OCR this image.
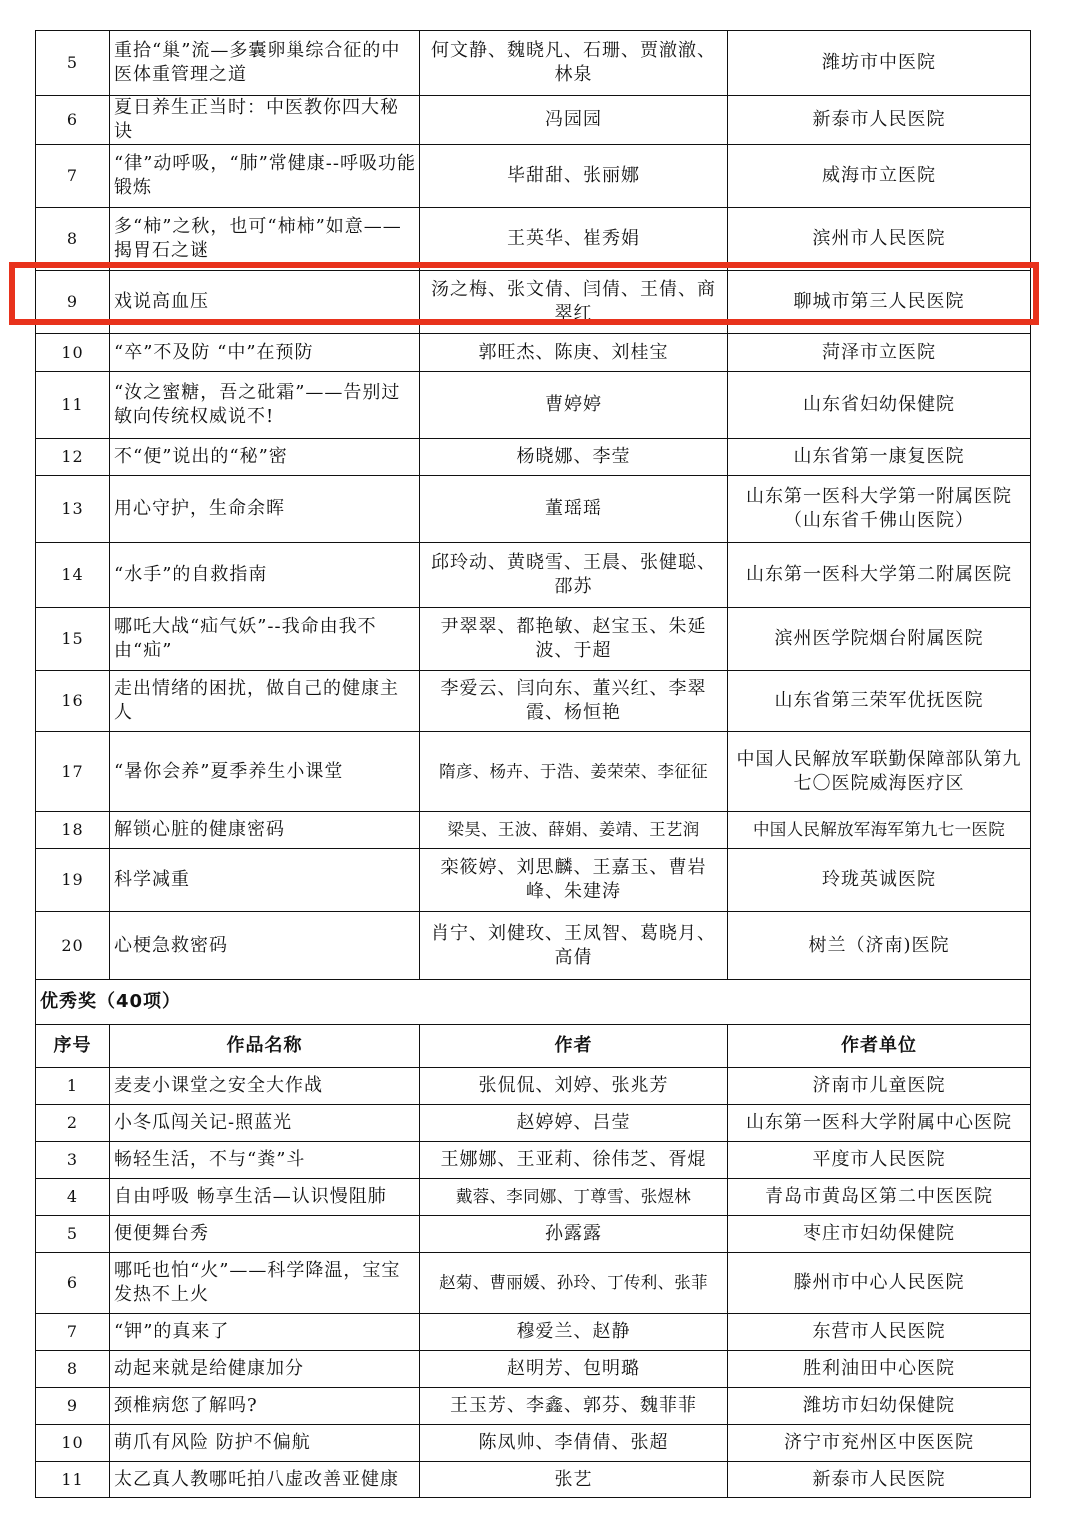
5	重拾“巢”流—多囊卵巢综合征的中医体重管理之道	何文静、魏晓凡、石珊、贾澈澈、林泉	潍坊市中医院
6	夏日养生正当时：中医教你四大秘诀	冯园园	新泰市人民医院
7	“律”动呼吸，“肺”常健康--呼吸功能锻炼	毕甜甜、张丽娜	威海市立医院
8	多“柿”之秋，也可“柿柿”如意——揭胃石之谜	王英华、崔秀娟	滨州市人民医院
9	戏说高血压	汤之梅、张文倩、闫倩、王倩、商翠红	聊城市第三人民医院
10	“卒”不及防 “中”在预防	郭旺杰、陈庚、刘桂宝	菏泽市立医院
11	“汝之蜜糖，吾之砒霜”——告别过敏向传统权威说不!	曹婷婷	山东省妇幼保健院
12	不“便”说出的“秘”密	杨晓娜、李莹	山东省第一康复医院
13	用心守护，生命余晖	董瑶瑶	山东第一医科大学第一附属医院（山东省千佛山医院）
14	“水手”的自救指南	邱玲动、黄晓雪、王晨、张健聪、邵苏	山东第一医科大学第二附属医院
15	哪吒大战“疝气妖”--我命由我不由“疝”	尹翠翠、都艳敏、赵宝玉、朱延波、于超	滨州医学院烟台附属医院
16	走出情绪的困扰，做自己的健康主人	李爱云、闫向东、董兴红、李翠霞、杨恒艳	山东省第三荣军优抚医院
17	“暑你会养”夏季养生小课堂	隋彦、杨卉、于浩、姜荣荣、李征征	中国人民解放军联勤保障部队第九七〇医院威海医疗区
18	解锁心脏的健康密码	梁昊、王波、薛娟、姜靖、王艺润	中国人民解放军海军第九七一医院
19	科学减重	栾筱婷、刘思麟、王嘉玉、曹岩峰、朱建涛	玲珑英诚医院
20	心梗急救密码	肖宁、刘健玫、王凤智、葛晓月、高倩	树兰（济南)医院
优秀奖（40项）			
序号	作品名称	作者	作者单位
1	麦麦小课堂之安全大作战	张侃侃、刘婷、张兆芳	济南市儿童医院
2	小冬瓜闯关记-照蓝光	赵婷婷、吕莹	山东第一医科大学附属中心医院
3	畅轻生活，不与“粪”斗	王娜娜、王亚莉、徐伟芝、胥焜	平度市人民医院
4	自由呼吸 畅享生活—认识慢阻肺	戴蓉、李同娜、丁尊雪、张煜林	青岛市黄岛区第二中医医院
5	便便舞台秀	孙露露	枣庄市妇幼保健院
6	哪吒也怕“火”——科学降温，宝宝发热不上火	赵菊、曹丽媛、孙玲、丁传利、张菲	滕州市中心人民医院
7	“钾”的真来了	穆爱兰、赵静	东营市人民医院
8	动起来就是给健康加分	赵明芳、包明璐	胜利油田中心医院
9	颈椎病您了解吗?	王玉芳、李鑫、郭芬、魏菲菲	潍坊市妇幼保健院
10	萌爪有风险 防护不偏航	陈凤帅、李倩倩、张超	济宁市兖州区中医医院
11	太乙真人教哪吒拍八虚改善亚健康	张艺	新泰市人民医院
